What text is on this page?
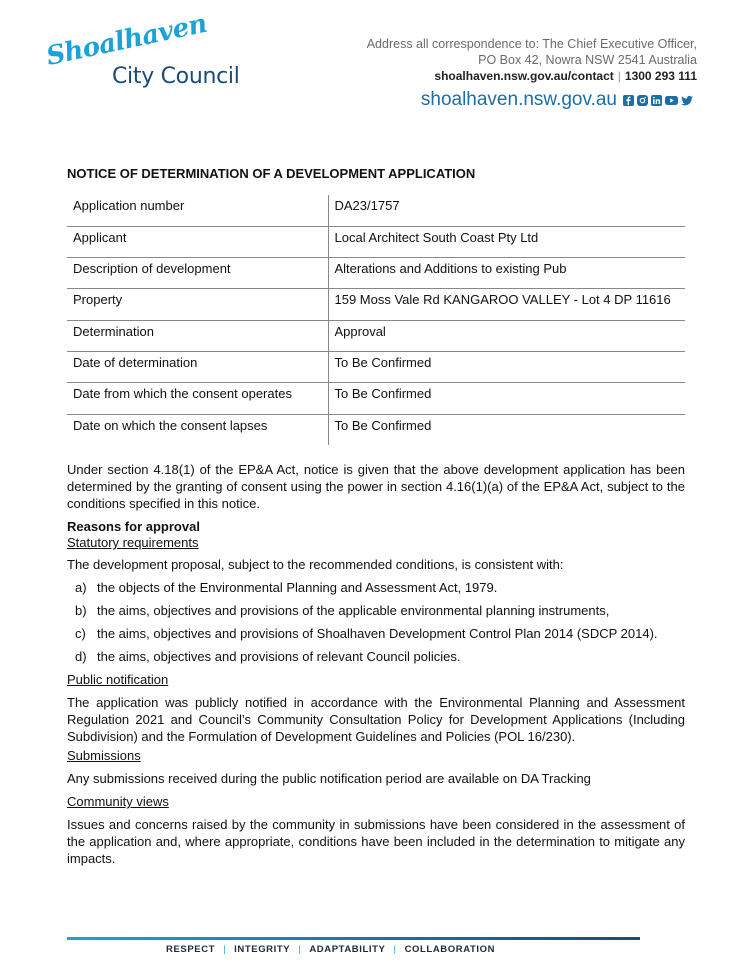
Shoalhaven
City Council
Address all correspondence to: The Chief Executive Officer,
PO Box 42, Nowra NSW 2541 Australia
shoalhaven.nsw.gov.au/contact | 1300 293 111
shoalhaven.nsw.gov.au
NOTICE OF DETERMINATION OF A DEVELOPMENT APPLICATION
Application number	DA23/1757
Applicant	Local Architect South Coast Pty Ltd
Description of development	Alterations and Additions to existing Pub
Property	159 Moss Vale Rd KANGAROO VALLEY - Lot 4 DP 11616
Determination	Approval
Date of determination	To Be Confirmed
Date from which the consent operates	To Be Confirmed
Date on which the consent lapses	To Be Confirmed
Under section 4.18(1) of the EP&A Act, notice is given that the above development application has been determined by the granting of consent using the power in section 4.16(1)(a) of the EP&A Act, subject to the conditions specified in this notice.
Reasons for approval
Statutory requirements
The development proposal, subject to the recommended conditions, is consistent with:
a) the objects of the Environmental Planning and Assessment Act, 1979.
b) the aims, objectives and provisions of the applicable environmental planning instruments,
c) the aims, objectives and provisions of Shoalhaven Development Control Plan 2014 (SDCP 2014).
d) the aims, objectives and provisions of relevant Council policies.
Public notification
The application was publicly notified in accordance with the Environmental Planning and Assessment Regulation 2021 and Council’s Community Consultation Policy for Development Applications (Including Subdivision) and the Formulation of Development Guidelines and Policies (POL 16/230).
Submissions
Any submissions received during the public notification period are available on DA Tracking
Community views
Issues and concerns raised by the community in submissions have been considered in the assessment of the application and, where appropriate, conditions have been included in the determination to mitigate any impacts.
RESPECT | INTEGRITY | ADAPTABILITY | COLLABORATION
